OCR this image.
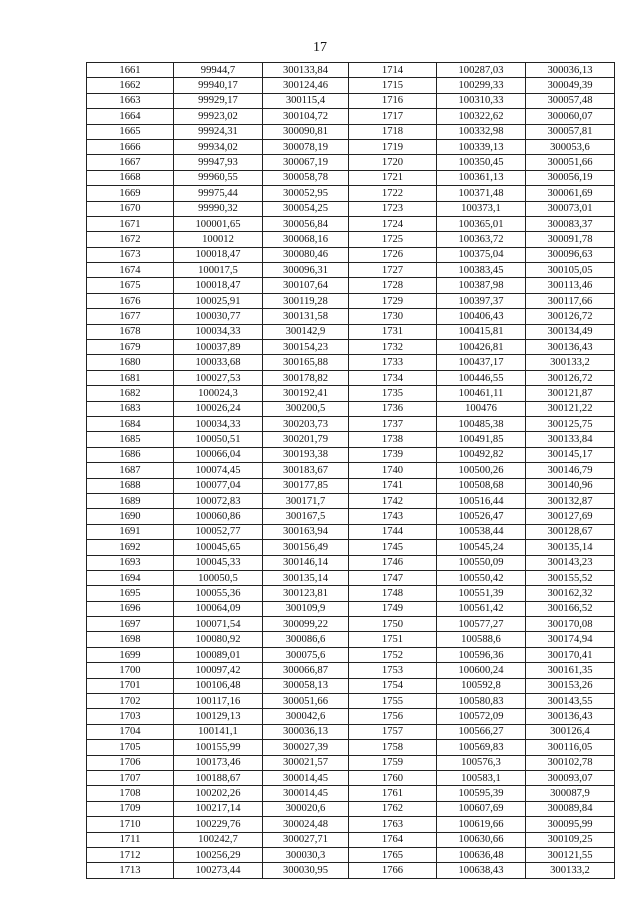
17
1661	99944,7	300133,84	1714	100287,03	300036,13
1662	99940,17	300124,46	1715	100299,33	300049,39
1663	99929,17	300115,4	1716	100310,33	300057,48
1664	99923,02	300104,72	1717	100322,62	300060,07
1665	99924,31	300090,81	1718	100332,98	300057,81
1666	99934,02	300078,19	1719	100339,13	300053,6
1667	99947,93	300067,19	1720	100350,45	300051,66
1668	99960,55	300058,78	1721	100361,13	300056,19
1669	99975,44	300052,95	1722	100371,48	300061,69
1670	99990,32	300054,25	1723	100373,1	300073,01
1671	100001,65	300056,84	1724	100365,01	300083,37
1672	100012	300068,16	1725	100363,72	300091,78
1673	100018,47	300080,46	1726	100375,04	300096,63
1674	100017,5	300096,31	1727	100383,45	300105,05
1675	100018,47	300107,64	1728	100387,98	300113,46
1676	100025,91	300119,28	1729	100397,37	300117,66
1677	100030,77	300131,58	1730	100406,43	300126,72
1678	100034,33	300142,9	1731	100415,81	300134,49
1679	100037,89	300154,23	1732	100426,81	300136,43
1680	100033,68	300165,88	1733	100437,17	300133,2
1681	100027,53	300178,82	1734	100446,55	300126,72
1682	100024,3	300192,41	1735	100461,11	300121,87
1683	100026,24	300200,5	1736	100476	300121,22
1684	100034,33	300203,73	1737	100485,38	300125,75
1685	100050,51	300201,79	1738	100491,85	300133,84
1686	100066,04	300193,38	1739	100492,82	300145,17
1687	100074,45	300183,67	1740	100500,26	300146,79
1688	100077,04	300177,85	1741	100508,68	300140,96
1689	100072,83	300171,7	1742	100516,44	300132,87
1690	100060,86	300167,5	1743	100526,47	300127,69
1691	100052,77	300163,94	1744	100538,44	300128,67
1692	100045,65	300156,49	1745	100545,24	300135,14
1693	100045,33	300146,14	1746	100550,09	300143,23
1694	100050,5	300135,14	1747	100550,42	300155,52
1695	100055,36	300123,81	1748	100551,39	300162,32
1696	100064,09	300109,9	1749	100561,42	300166,52
1697	100071,54	300099,22	1750	100577,27	300170,08
1698	100080,92	300086,6	1751	100588,6	300174,94
1699	100089,01	300075,6	1752	100596,36	300170,41
1700	100097,42	300066,87	1753	100600,24	300161,35
1701	100106,48	300058,13	1754	100592,8	300153,26
1702	100117,16	300051,66	1755	100580,83	300143,55
1703	100129,13	300042,6	1756	100572,09	300136,43
1704	100141,1	300036,13	1757	100566,27	300126,4
1705	100155,99	300027,39	1758	100569,83	300116,05
1706	100173,46	300021,57	1759	100576,3	300102,78
1707	100188,67	300014,45	1760	100583,1	300093,07
1708	100202,26	300014,45	1761	100595,39	300087,9
1709	100217,14	300020,6	1762	100607,69	300089,84
1710	100229,76	300024,48	1763	100619,66	300095,99
1711	100242,7	300027,71	1764	100630,66	300109,25
1712	100256,29	300030,3	1765	100636,48	300121,55
1713	100273,44	300030,95	1766	100638,43	300133,2
